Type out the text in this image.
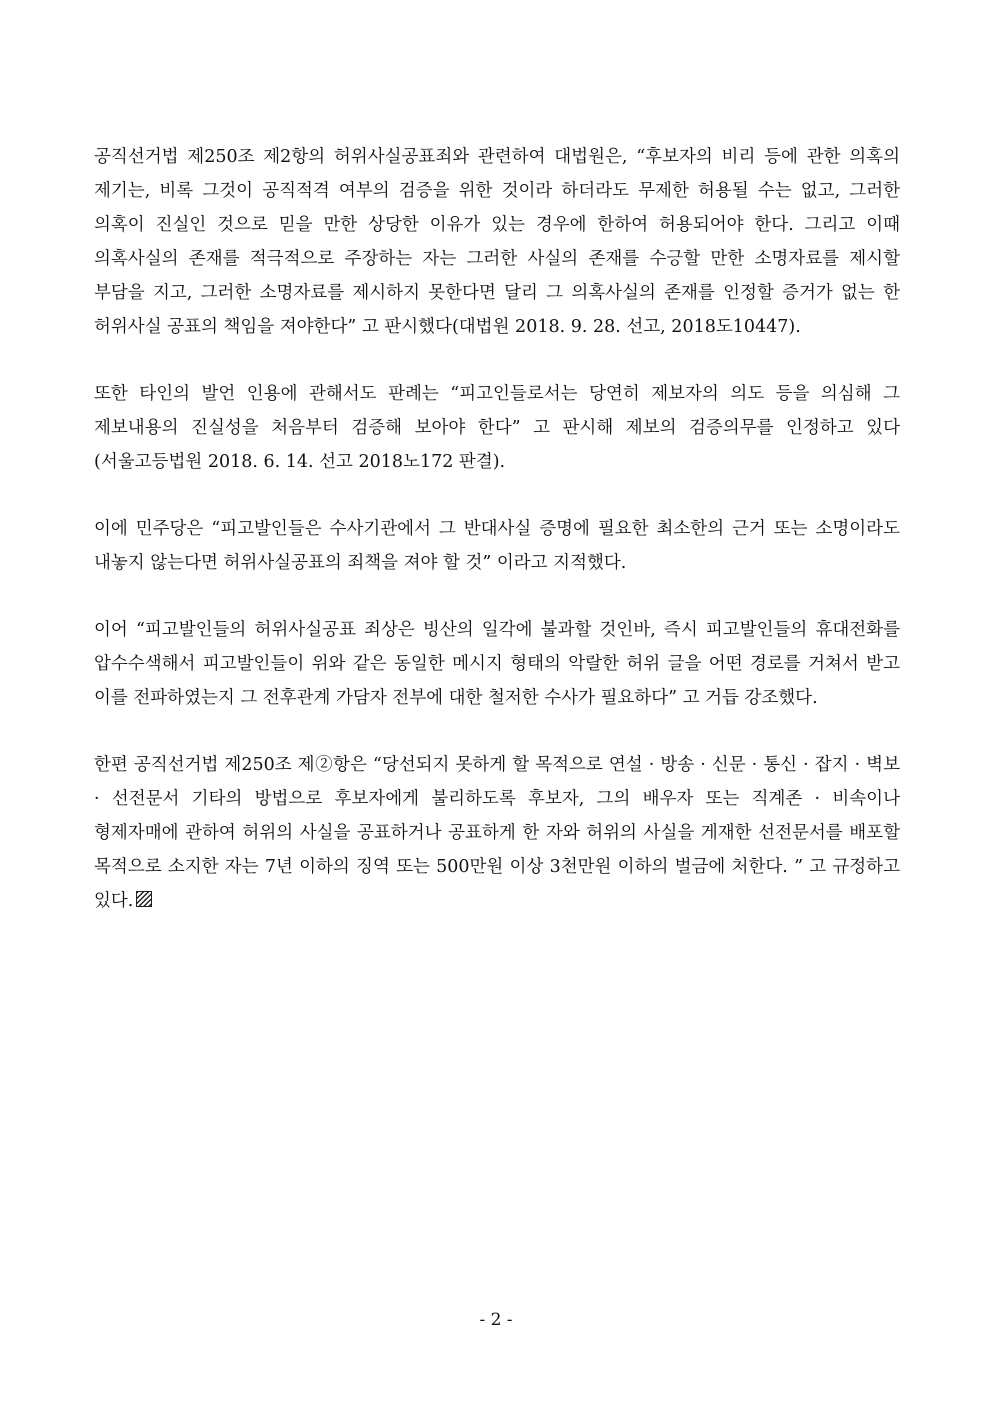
공직선거법 제250조 제2항의 허위사실공표죄와 관련하여 대법원은, “후보자의 비리 등에 관한 의혹의 제기는, 비록 그것이 공직적격 여부의 검증을 위한 것이라 하더라도 무제한 허용될 수는 없고, 그러한 의혹이 진실인 것으로 믿을 만한 상당한 이유가 있는 경우에 한하여 허용되어야 한다. 그리고 이때 의혹사실의 존재를 적극적으로 주장하는 자는 그러한 사실의 존재를 수긍할 만한 소명자료를 제시할 부담을 지고, 그러한 소명자료를 제시하지 못한다면 달리 그 의혹사실의 존재를 인정할 증거가 없는 한 허위사실 공표의 책임을 져야한다” 고 판시했다(대법원 2018. 9. 28. 선고, 2018도10447).

또한 타인의 발언 인용에 관해서도 판례는 “피고인들로서는 당연히 제보자의 의도 등을 의심해 그 제보내용의 진실성을 처음부터 검증해 보아야 한다” 고 판시해 제보의 검증의무를 인정하고 있다(서울고등법원 2018. 6. 14. 선고 2018노172 판결).

이에 민주당은 “피고발인들은 수사기관에서 그 반대사실 증명에 필요한 최소한의 근거 또는 소명이라도 내놓지 않는다면 허위사실공표의 죄책을 져야 할 것” 이라고 지적했다.

이어 “피고발인들의 허위사실공표 죄상은 빙산의 일각에 불과할 것인바, 즉시 피고발인들의 휴대전화를 압수수색해서 피고발인들이 위와 같은 동일한 메시지 형태의 악랄한 허위 글을 어떤 경로를 거쳐서 받고 이를 전파하였는지 그 전후관계 가담자 전부에 대한 철저한 수사가 필요하다” 고 거듭 강조했다.

한편 공직선거법 제250조 제②항은 “당선되지 못하게 할 목적으로 연설 · 방송 · 신문 · 통신 · 잡지 · 벽보 · 선전문서 기타의 방법으로 후보자에게 불리하도록 후보자, 그의 배우자 또는 직계존 · 비속이나 형제자매에 관하여 허위의 사실을 공표하거나 공표하게 한 자와 허위의 사실을 게재한 선전문서를 배포할 목적으로 소지한 자는 7년 이하의 징역 또는 500만원 이상 3천만원 이하의 벌금에 처한다. ” 고 규정하고 있다.

- 2 -
